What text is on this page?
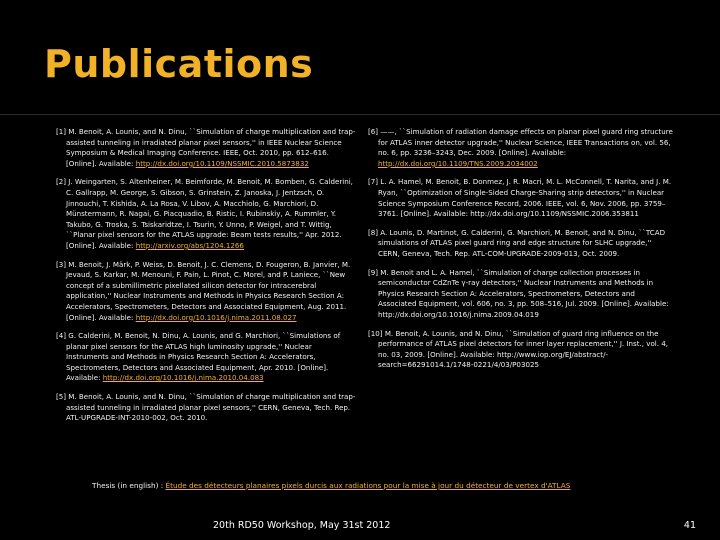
Publications

[1] M. Benoit, A. Lounis, and N. Dinu, ``Simulation of charge multiplication and trap-assisted tunneling in irradiated planar pixel sensors,'' in IEEE Nuclear Science Symposium & Medical Imaging Conference. IEEE, Oct. 2010, pp. 612–616. [Online]. Available: http://dx.doi.org/10.1109/NSSMIC.2010.5873832

[2] J. Weingarten, S. Altenheiner, M. Beimforde, M. Benoit, M. Bomben, G. Calderini, C. Gallrapp, M. George, S. Gibson, S. Grinstein, Z. Janoska, J. Jentzsch, O. Jinnouchi, T. Kishida, A. La Rosa, V. Libov, A. Macchiolo, G. Marchiori, D. Münstermann, R. Nagai, G. Piacquadio, B. Ristic, I. Rubinskiy, A. Rummler, Y. Takubo, G. Troska, S. Tsiskaridtze, I. Tsurin, Y. Unno, P. Weigel, and T. Wittig, ``Planar pixel sensors for the ATLAS upgrade: Beam tests results,'' Apr. 2012. [Online]. Available: http://arxiv.org/abs/1204.1266

[3] M. Benoit, J. Märk, P. Weiss, D. Benoit, J. C. Clemens, D. Fougeron, B. Janvier, M. Jevaud, S. Karkar, M. Menouni, F. Pain, L. Pinot, C. Morel, and P. Laniece, ``New concept of a submillimetric pixellated silicon detector for intracerebral application,'' Nuclear Instruments and Methods in Physics Research Section A: Accelerators, Spectrometers, Detectors and Associated Equipment, Aug. 2011. [Online]. Available: http://dx.doi.org/10.1016/j.nima.2011.08.027

[4] G. Calderini, M. Benoit, N. Dinu, A. Lounis, and G. Marchiori, ``Simulations of planar pixel sensors for the ATLAS high luminosity upgrade,'' Nuclear Instruments and Methods in Physics Research Section A: Accelerators, Spectrometers, Detectors and Associated Equipment, Apr. 2010. [Online]. Available: http://dx.doi.org/10.1016/j.nima.2010.04.083

[5] M. Benoit, A. Lounis, and N. Dinu, ``Simulation of charge multiplication and trap-assisted tunneling in irradiated planar pixel sensors,'' CERN, Geneva, Tech. Rep. ATL-UPGRADE-INT-2010-002, Oct. 2010.

[6] ——, ``Simulation of radiation damage effects on planar pixel guard ring structure for ATLAS inner detector upgrade,'' Nuclear Science, IEEE Transactions on, vol. 56, no. 6, pp. 3236–3243, Dec. 2009. [Online]. Available: http://dx.doi.org/10.1109/TNS.2009.2034002

[7] L. A. Hamel, M. Benoit, B. Donmez, J. R. Macri, M. L. McConnell, T. Narita, and J. M. Ryan, ``Optimization of Single-Sided Charge-Sharing strip detectors,'' in Nuclear Science Symposium Conference Record, 2006. IEEE, vol. 6, Nov. 2006, pp. 3759–3761. [Online]. Available: http://dx.doi.org/10.1109/NSSMIC.2006.353811

[8] A. Lounis, D. Martinot, G. Calderini, G. Marchiori, M. Benoit, and N. Dinu, ``TCAD simulations of ATLAS pixel guard ring and edge structure for SLHC upgrade,'' CERN, Geneva, Tech. Rep. ATL-COM-UPGRADE-2009-013, Oct. 2009.

[9] M. Benoit and L. A. Hamel, ``Simulation of charge collection processes in semiconductor CdZnTe γ-ray detectors,'' Nuclear Instruments and Methods in Physics Research Section A: Accelerators, Spectrometers, Detectors and Associated Equipment, vol. 606, no. 3, pp. 508–516, Jul. 2009. [Online]. Available: http://dx.doi.org/10.1016/j.nima.2009.04.019

[10] M. Benoit, A. Lounis, and N. Dinu, ``Simulation of guard ring influence on the performance of ATLAS pixel detectors for inner layer replacement,'' J. Inst., vol. 4, no. 03, 2009. [Online]. Available: http://www.iop.org/EJ/abstract/-search=66291014.1/1748-0221/4/03/P03025

Thesis (in english) : Étude des détecteurs planaires pixels durcis aux radiations pour la mise à jour du détecteur de vertex d'ATLAS
20th RD50 Workshop, May 31st 2012	41
